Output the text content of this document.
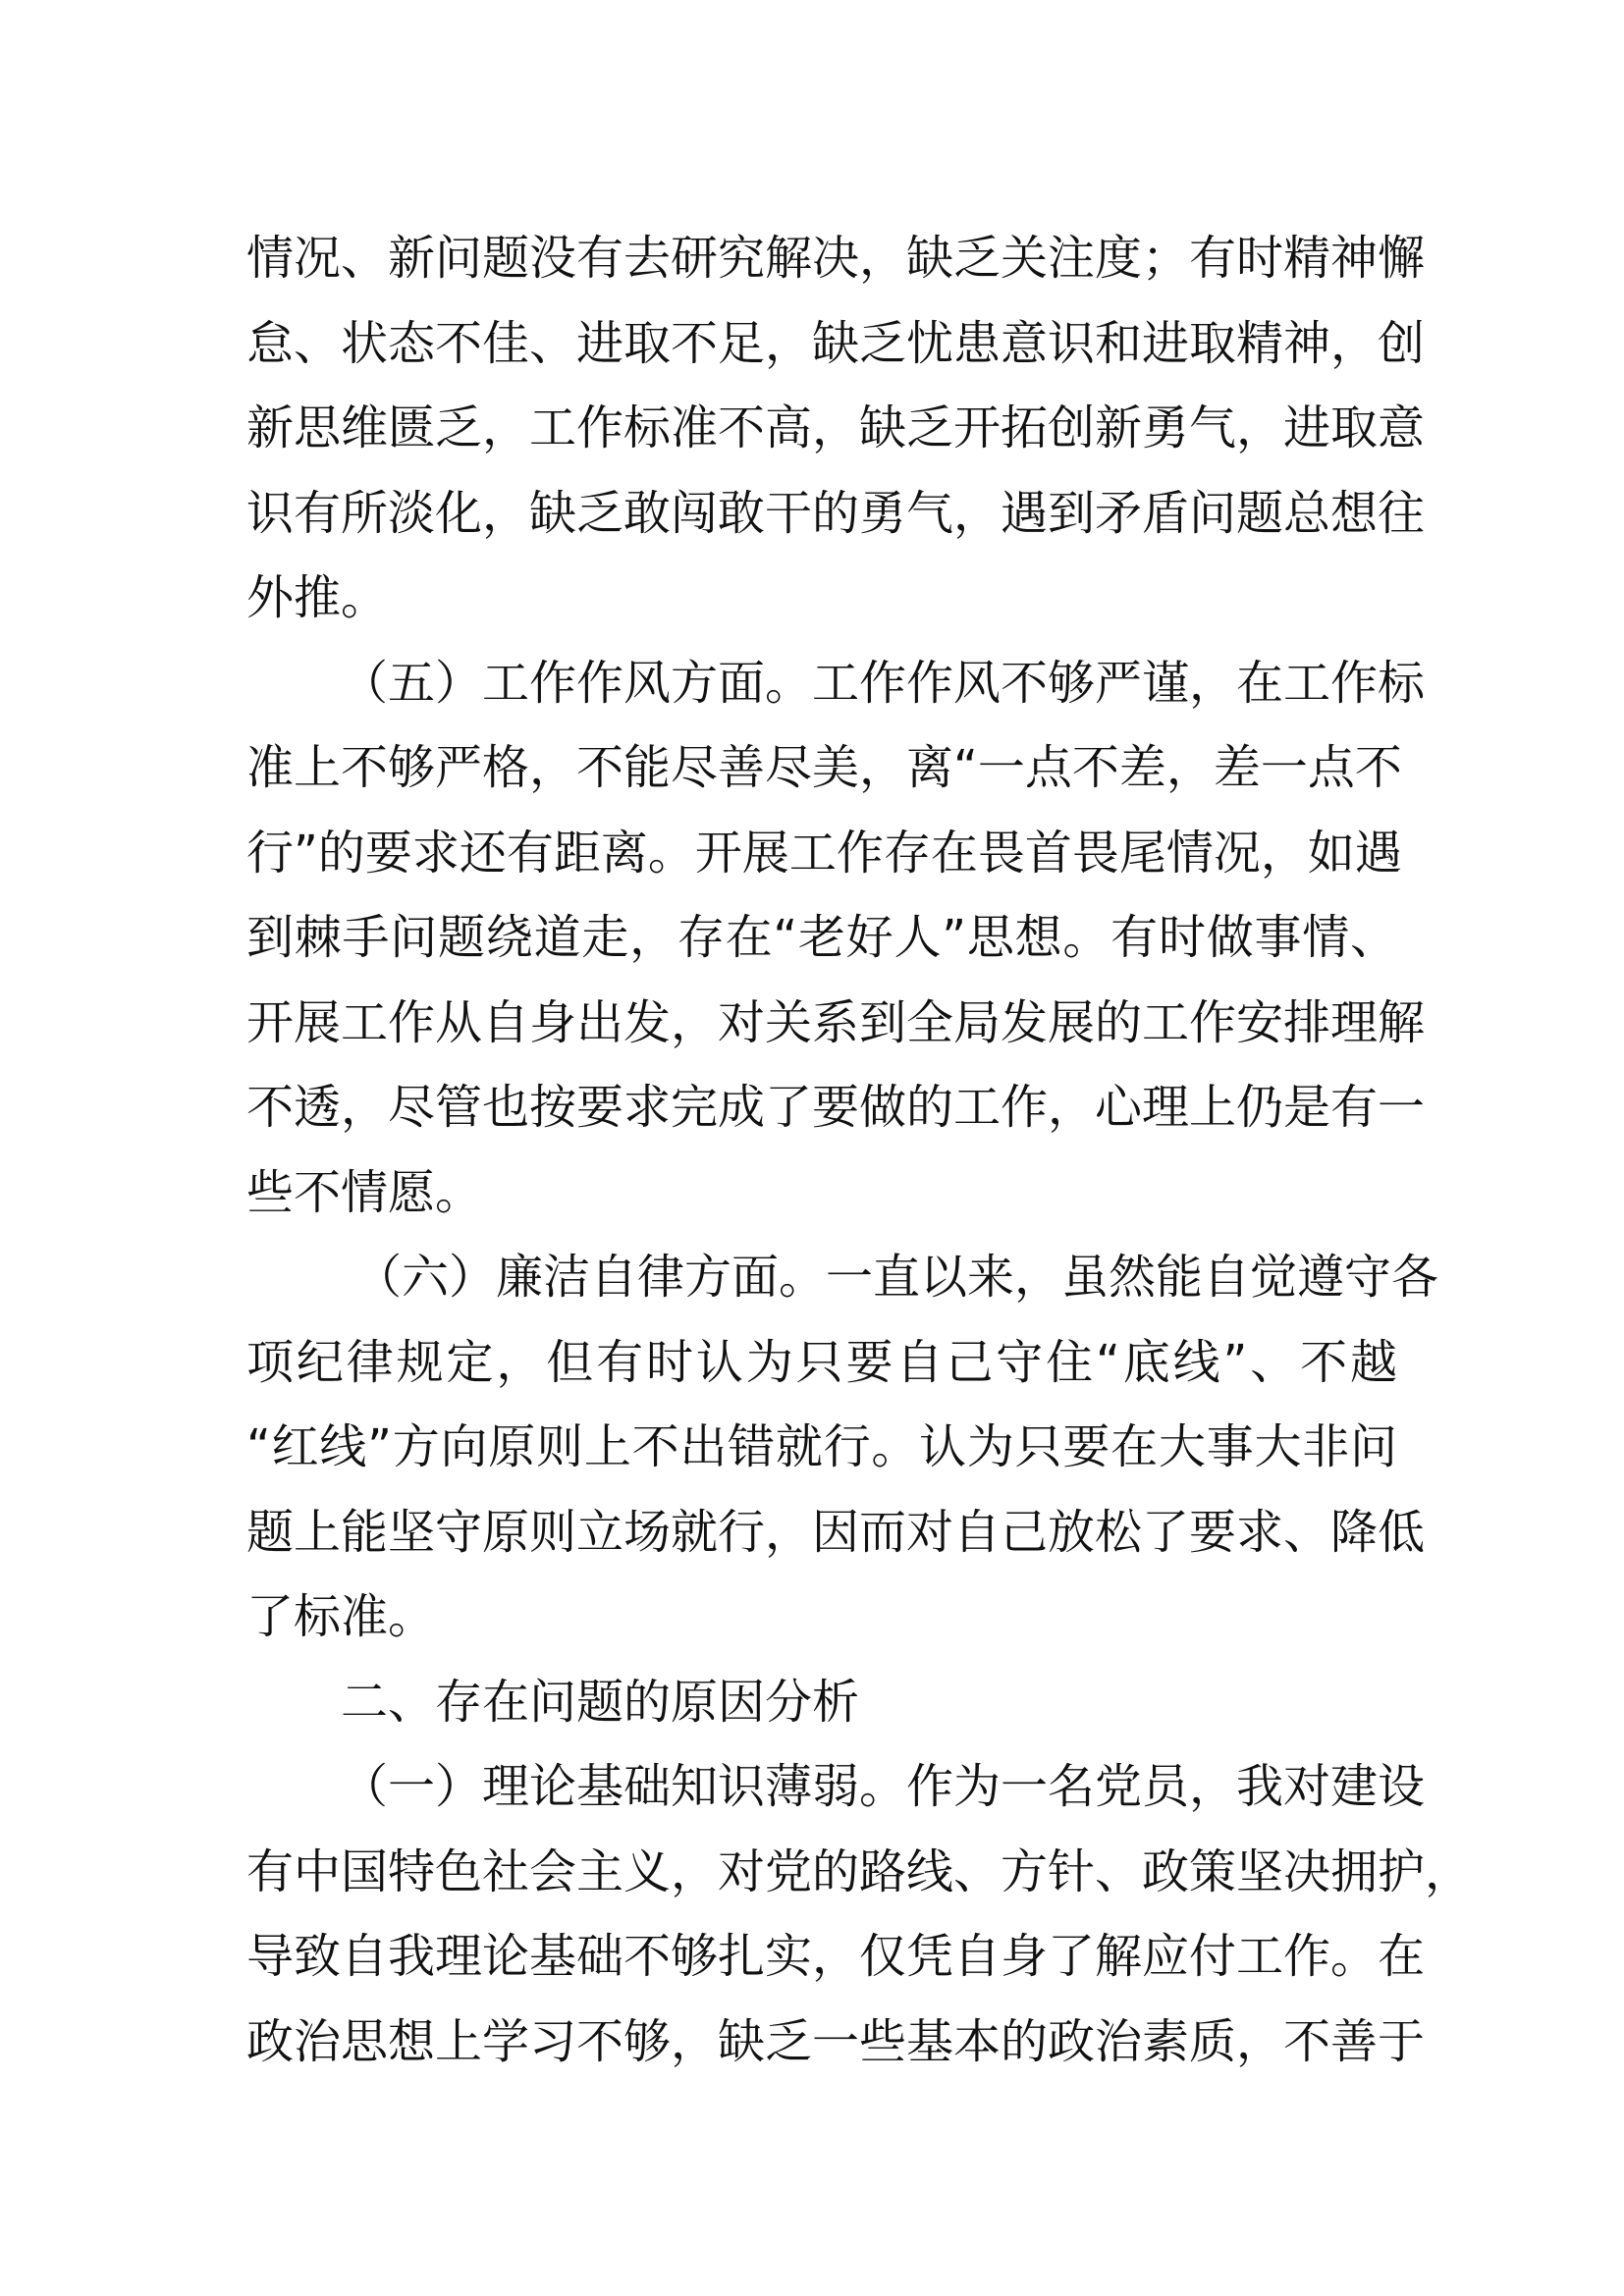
情况、新问题没有去研究解决，缺乏关注度；有时精神懈
怠、状态不佳、进取不足，缺乏忧患意识和进取精神，创
新思维匮乏，工作标准不高，缺乏开拓创新勇气，进取意
识有所淡化，缺乏敢闯敢干的勇气，遇到矛盾问题总想往
外推。
（五）工作作风方面。工作作风不够严谨，在工作标
准上不够严格，不能尽善尽美，离“一点不差，差一点不
行”的要求还有距离。开展工作存在畏首畏尾情况，如遇
到棘手问题绕道走，存在“老好人”思想。有时做事情、
开展工作从自身出发，对关系到全局发展的工作安排理解
不透，尽管也按要求完成了要做的工作，心理上仍是有一
些不情愿。
（六）廉洁自律方面。一直以来，虽然能自觉遵守各
项纪律规定，但有时认为只要自己守住“底线”、不越
“红线”方向原则上不出错就行。认为只要在大事大非问
题上能坚守原则立场就行，因而对自己放松了要求、降低
了标准。
二、存在问题的原因分析
（一）理论基础知识薄弱。作为一名党员，我对建设
有中国特色社会主义，对党的路线、方针、政策坚决拥护，
导致自我理论基础不够扎实，仅凭自身了解应付工作。在
政治思想上学习不够，缺乏一些基本的政治素质，不善于
